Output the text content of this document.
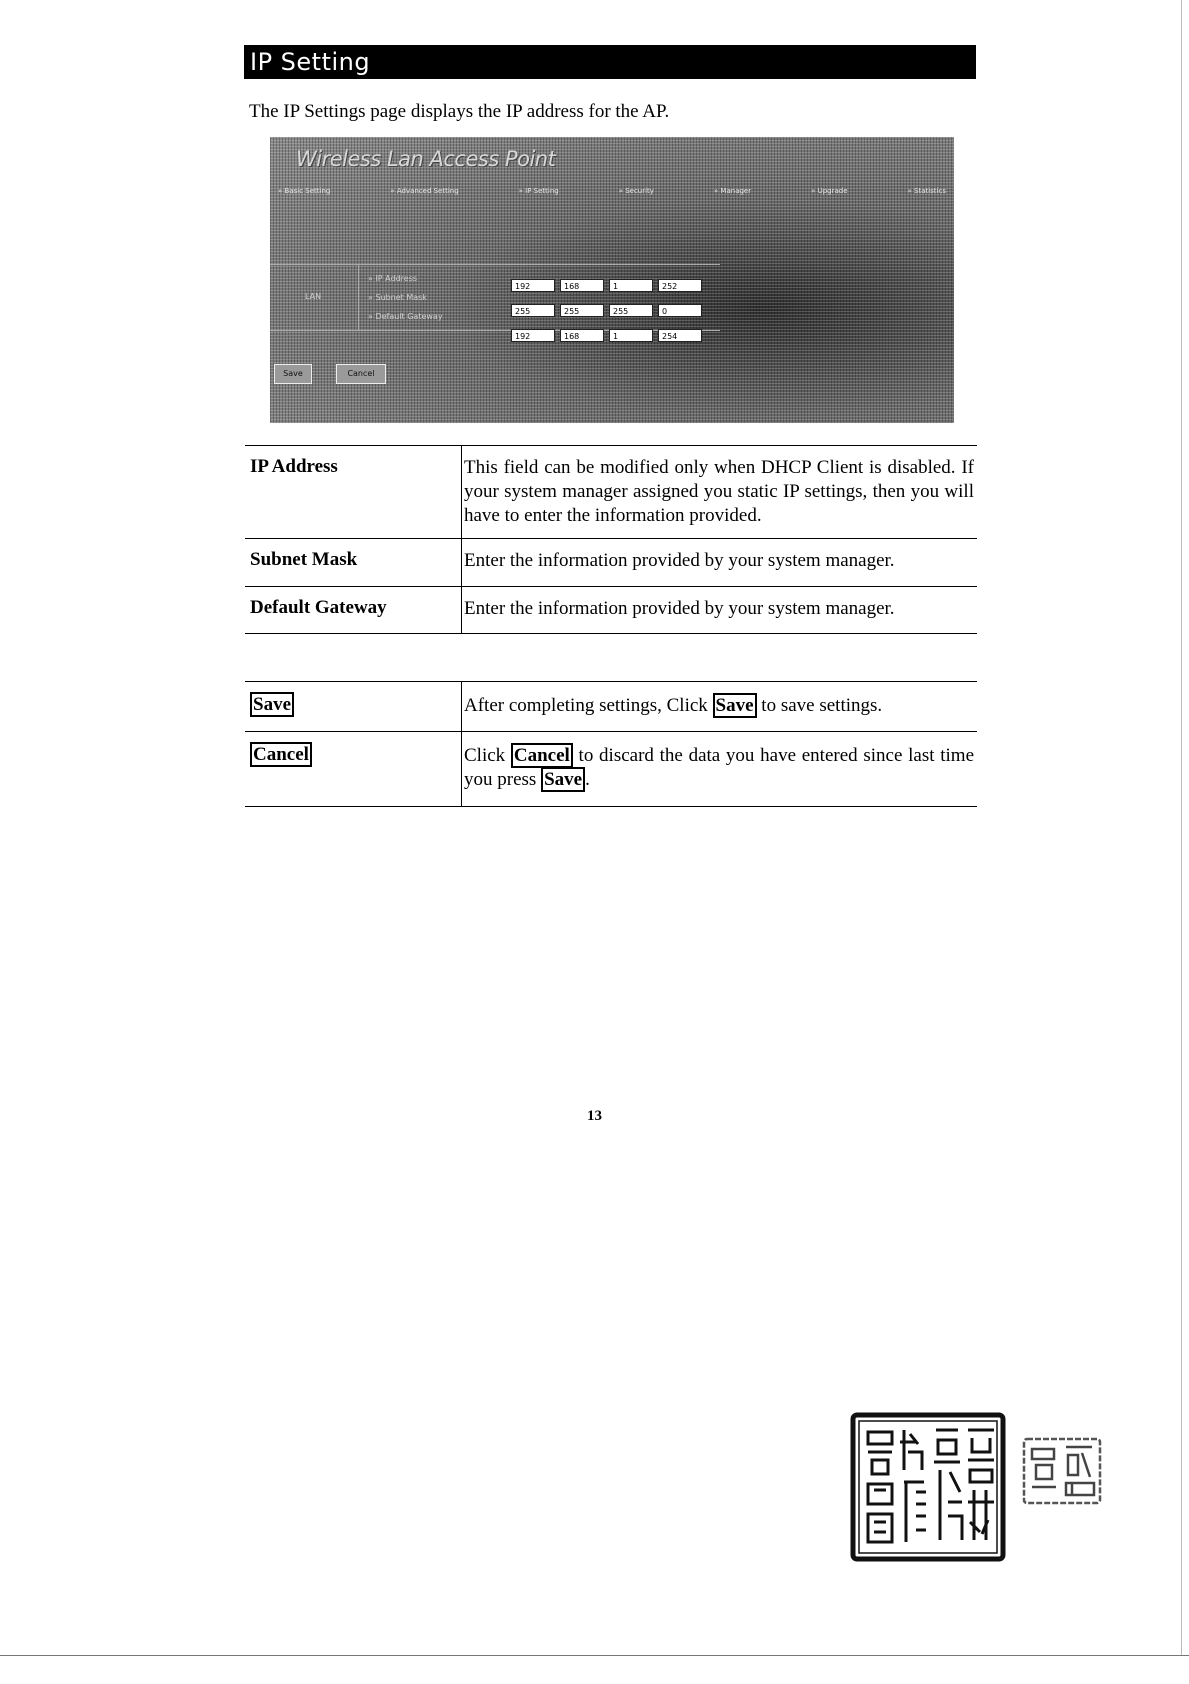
IP Setting
The IP Settings page displays the IP address for the AP.
Wireless Lan Access Point
» Basic Setting	» Advanced Setting	» IP Setting	» Security	» Manager	» Upgrade	» Statistics
LAN
» IP Address
» Subnet Mask
» Default Gateway
192	168	1	252
255	255	255	0
192	168	1	254
Save	Cancel
IP Address	This field can be modified only when DHCP Client is disabled. If your system manager assigned you static IP settings, then you will have to enter the information provided.
Subnet Mask	Enter the information provided by your system manager.
Default Gateway	Enter the information provided by your system manager.
Save	After completing settings, Click Save to save settings.
Cancel	Click Cancel to discard the data you have entered since last time you press Save .
13
